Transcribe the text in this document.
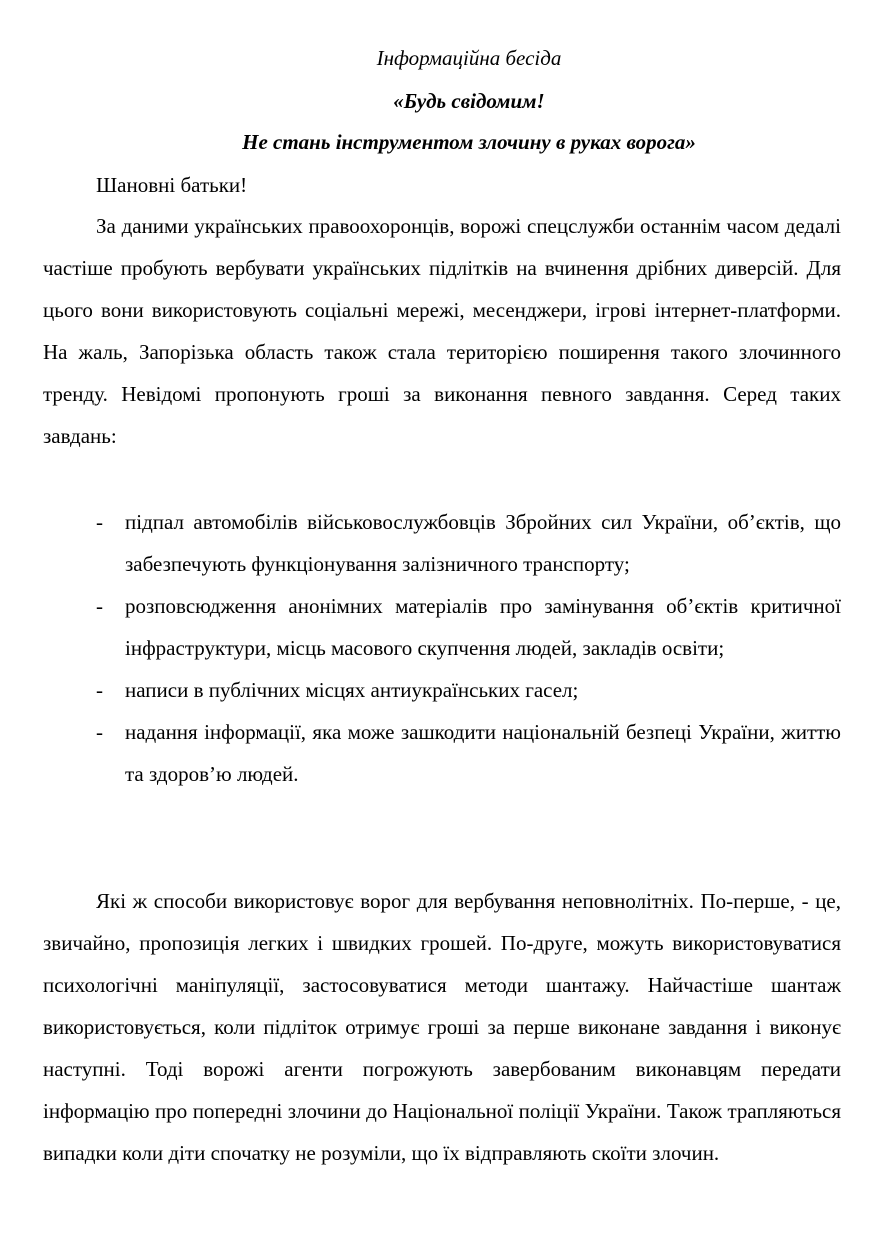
Інформаційна бесіда
«Будь свідомим!
Не стань інструментом злочину в руках ворога»
Шановні батьки!

За даними українських правоохоронців, ворожі спецслужби останнім часом дедалі частіше пробують вербувати українських підлітків на вчинення дрібних диверсій. Для цього вони використовують соціальні мережі, месенджери, ігрові інтернет-платформи. На жаль, Запорізька область також стала територією поширення такого злочинного тренду. Невідомі пропонують гроші за виконання певного завдання. Серед таких завдань:

- підпал автомобілів військовослужбовців Збройних сил України, об’єктів, що забезпечують функціонування залізничного транспорту;
- розповсюдження анонімних матеріалів про замінування об’єктів критичної інфраструктури, місць масового скупчення людей, закладів освіти;
- написи в публічних місцях антиукраїнських гасел;
- надання інформації, яка може зашкодити національній безпеці України, життю та здоров’ю людей.

Які ж способи використовує ворог для вербування неповнолітніх. По-перше, - це, звичайно, пропозиція легких і швидких грошей. По-друге, можуть використовуватися психологічні маніпуляції, застосовуватися методи шантажу. Найчастіше шантаж використовується, коли підліток отримує гроші за перше виконане завдання і виконує наступні. Тоді ворожі агенти погрожують завербованим виконавцям передати інформацію про попередні злочини до Національної поліції України. Також трапляються випадки коли діти спочатку не розуміли, що їх відправляють скоїти злочин.
